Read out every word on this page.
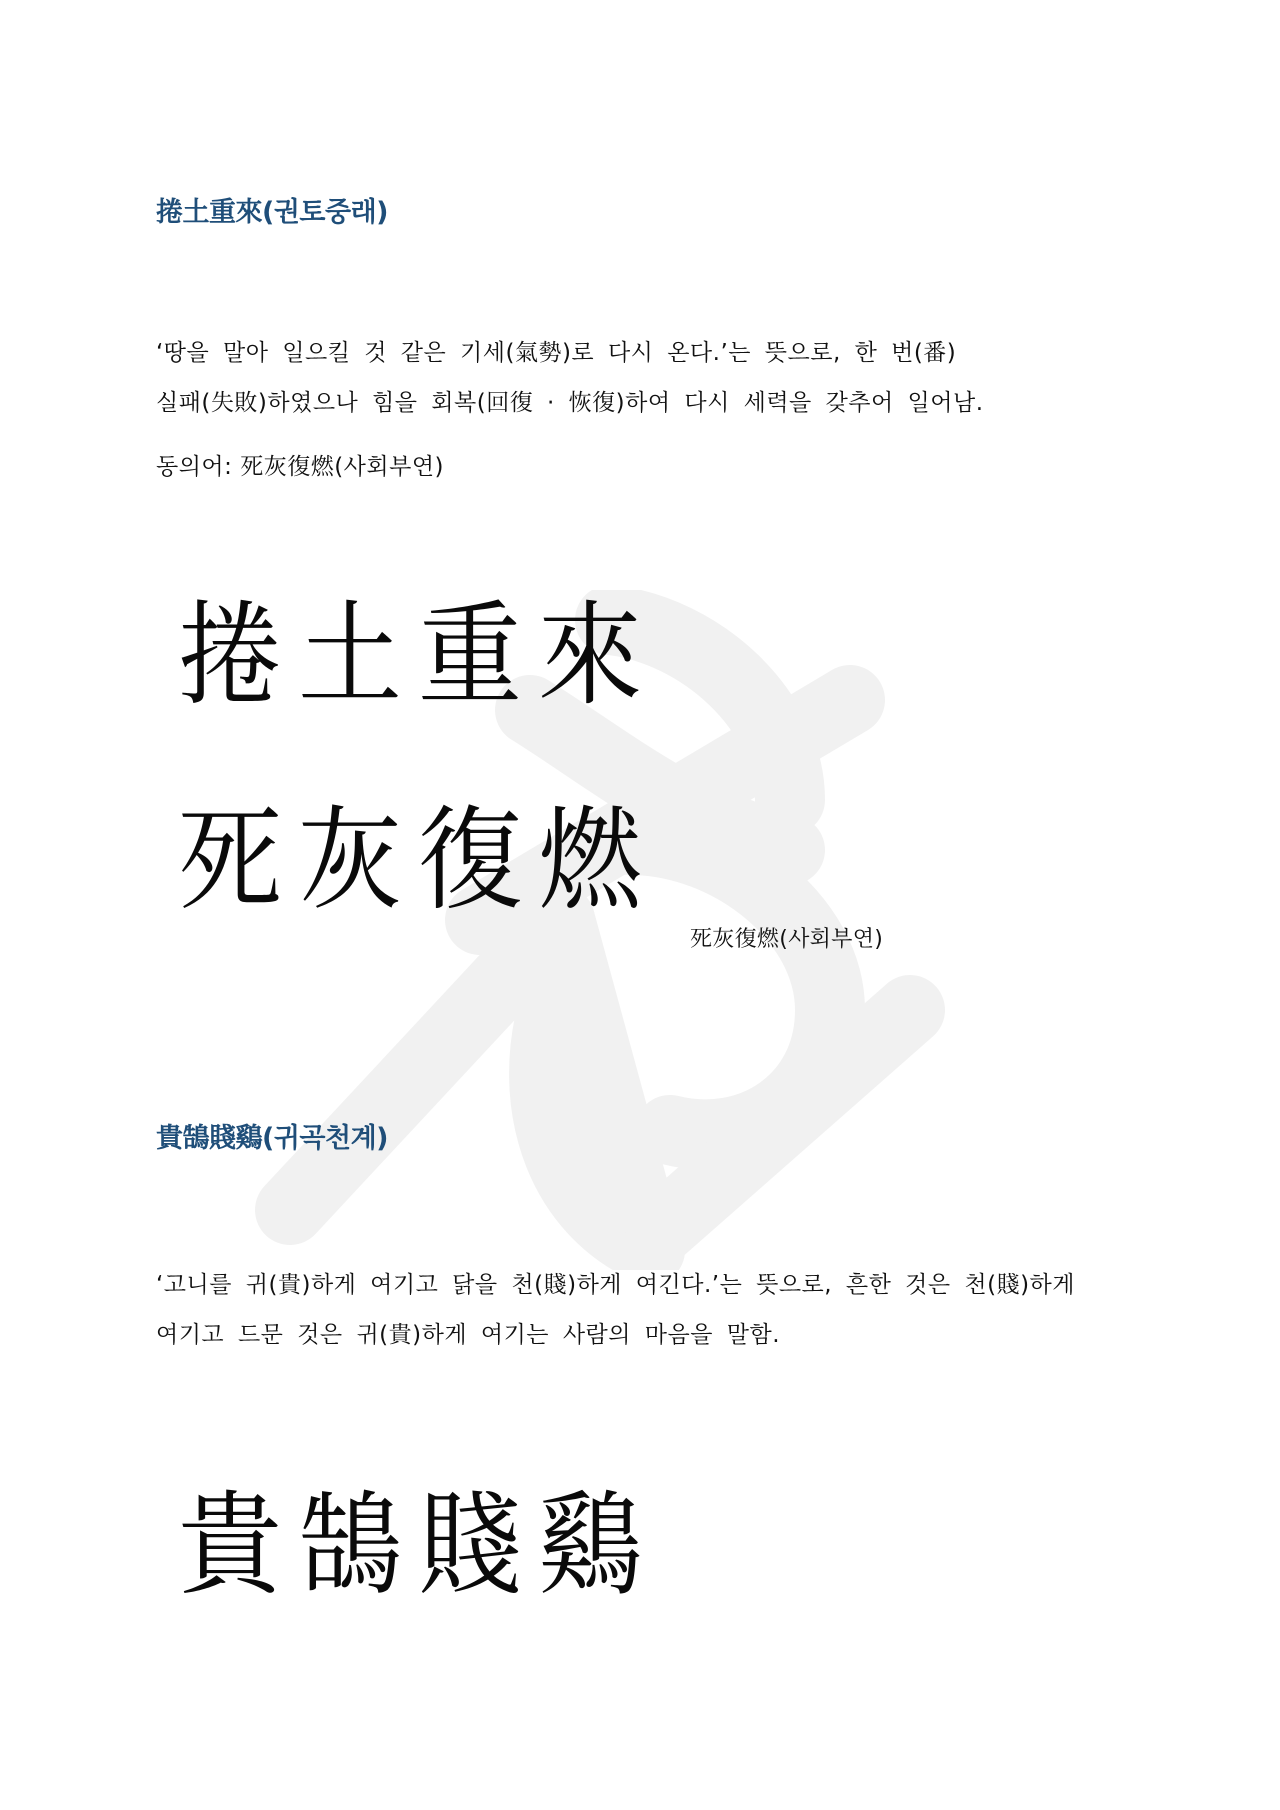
捲土重來(권토중래)

‘땅을 말아 일으킬 것 같은 기세(氣勢)로 다시 온다.’는 뜻으로, 한 번(番)

실패(失敗)하였으나 힘을 회복(回復 · 恢復)하여 다시 세력을 갖추어 일어남.

동의어: 死灰復燃(사회부연)

捲 土 重 來
死 灰 復 燃
死灰復燃(사회부연)
貴鵠賤鷄(귀곡천계)

‘고니를 귀(貴)하게 여기고 닭을 천(賤)하게 여긴다.’는 뜻으로, 흔한 것은 천(賤)하게

여기고 드문 것은 귀(貴)하게 여기는 사람의 마음을 말함.

貴 鵠 賤 鷄
